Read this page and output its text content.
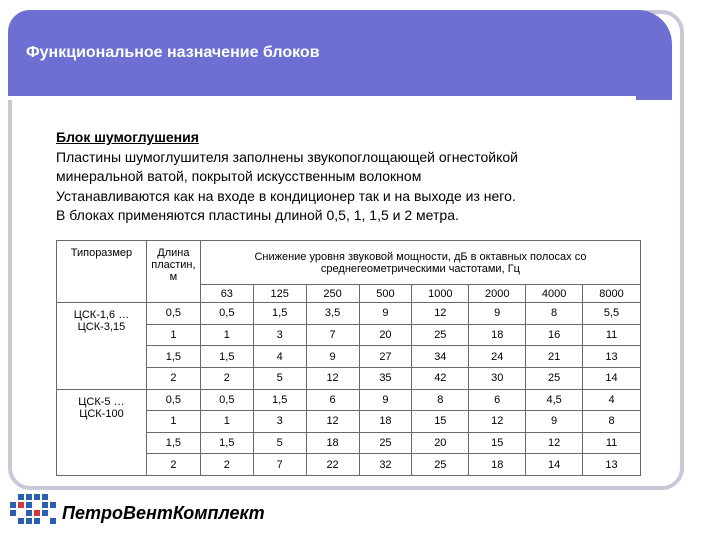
Функциональное назначение блоков
Блок шумоглушения
Пластины шумоглушителя заполнены звукопоглощающей огнестойкой
минеральной ватой, покрытой искусственным волокном
Устанавливаются как на входе в кондиционер так и на выходе из него.
В блоках применяются пластины длиной 0,5, 1, 1,5 и 2 метра.
Типоразмер	Длина пластин, м	Снижение уровня звуковой мощности, дБ в октавных полосах со среднегеометрическими частотами, Гц							
		63	125	250	500	1000	2000	4000	8000
ЦСК-1,6 … ЦСК-3,15	0,5	0,5	1,5	3,5	9	12	9	8	5,5
	1	1	3	7	20	25	18	16	11
	1,5	1,5	4	9	27	34	24	21	13
	2	2	5	12	35	42	30	25	14
ЦСК-5 … ЦСК-100	0,5	0,5	1,5	6	9	8	6	4,5	4
	1	1	3	12	18	15	12	9	8
	1,5	1,5	5	18	25	20	15	12	11
	2	2	7	22	32	25	18	14	13
ПетроВентКомплект
